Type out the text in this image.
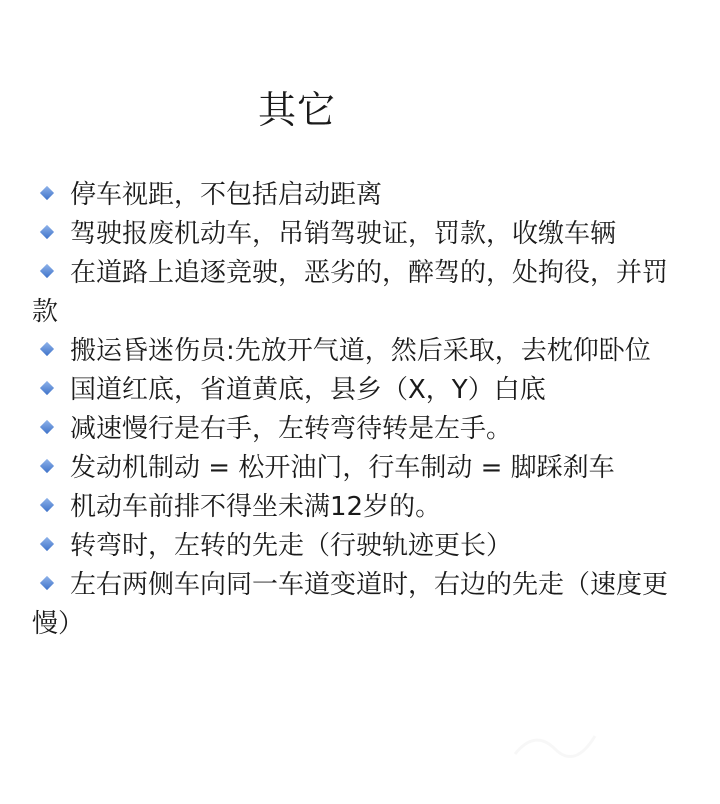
其它
停车视距，不包括启动距离
驾驶报废机动车，吊销驾驶证，罚款，收缴车辆
在道路上追逐竞驶，恶劣的，醉驾的，处拘役，并罚款
搬运昏迷伤员:先放开气道，然后采取，去枕仰卧位
国道红底，省道黄底，县乡（X，Y）白底
减速慢行是右手，左转弯待转是左手。
发动机制动 = 松开油门，行车制动 = 脚踩刹车
机动车前排不得坐未满12岁的。
转弯时，左转的先走（行驶轨迹更长）
左右两侧车向同一车道变道时，右边的先走（速度更慢）
